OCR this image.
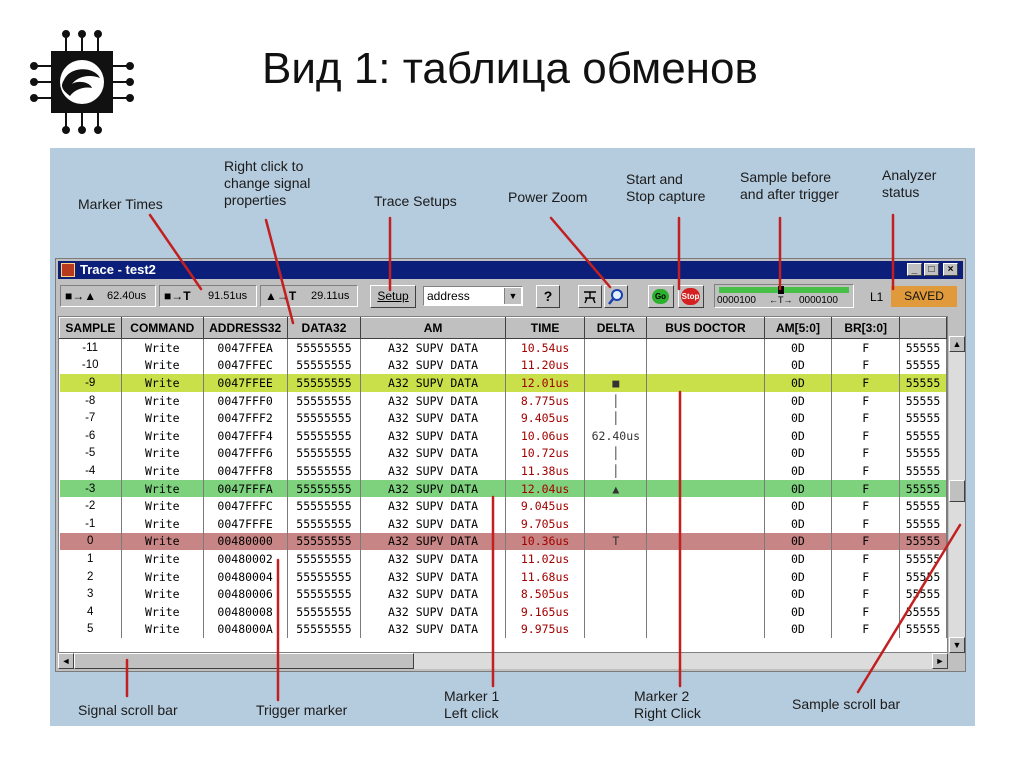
Вид 1: таблица обменов
Marker Times
Right click to
change signal
properties	Trace Setups	Power Zoom
Start and
Stop capture
Sample before
and after trigger
Analyzer
status
Signal scroll bar	Trigger marker
Marker 1
Left click
Marker 2
Right Click
Sample scroll bar
Trace - test2	_	□	×
■→▲ 62.40us ■→T 91.51us ▲→T 29.11us	Setup	address	▼	?	Go	Stop 0000100 ←T→ 0000100	L1	SAVED
SAMPLE	COMMAND	ADDRESS32	DATA32	AM	TIME	DELTA	BUS DOCTOR	AM[5:0]	BR[3:0]	
-11	Write	0047FFEA	55555555	A32 SUPV DATA	10.54us			0D	F	55555
-10	Write	0047FFEC	55555555	A32 SUPV DATA	11.20us			0D	F	55555
-9	Write	0047FFEE	55555555	A32 SUPV DATA	12.01us	■		0D	F	55555
-8	Write	0047FFF0	55555555	A32 SUPV DATA	8.775us	│		0D	F	55555
-7	Write	0047FFF2	55555555	A32 SUPV DATA	9.405us	│		0D	F	55555
-6	Write	0047FFF4	55555555	A32 SUPV DATA	10.06us	62.40us		0D	F	55555
-5	Write	0047FFF6	55555555	A32 SUPV DATA	10.72us	│		0D	F	55555
-4	Write	0047FFF8	55555555	A32 SUPV DATA	11.38us	│		0D	F	55555
-3	Write	0047FFFA	55555555	A32 SUPV DATA	12.04us	▲		0D	F	55555
-2	Write	0047FFFC	55555555	A32 SUPV DATA	9.045us			0D	F	55555
-1	Write	0047FFFE	55555555	A32 SUPV DATA	9.705us			0D	F	55555
0	Write	00480000	55555555	A32 SUPV DATA	10.36us	T		0D	F	55555
1	Write	00480002	55555555	A32 SUPV DATA	11.02us			0D	F	55555
2	Write	00480004	55555555	A32 SUPV DATA	11.68us			0D	F	55555
3	Write	00480006	55555555	A32 SUPV DATA	8.505us			0D	F	55555
4	Write	00480008	55555555	A32 SUPV DATA	9.165us			0D	F	55555
5	Write	0048000A	55555555	A32 SUPV DATA	9.975us			0D	F	55555
▲
▼
◄	►
